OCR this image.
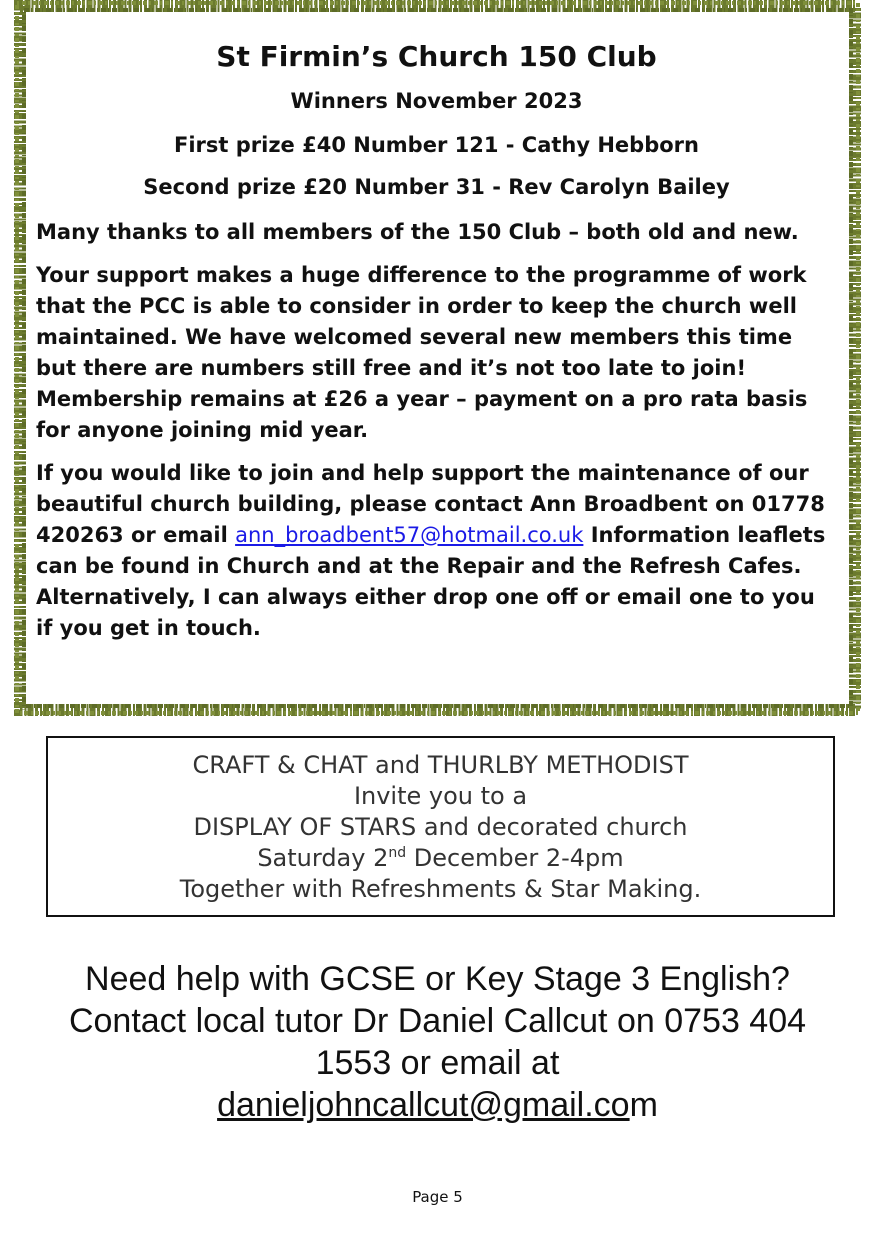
St Firmin’s Church 150 Club
Winners November 2023
First prize £40 Number 121 - Cathy Hebborn
Second prize £20 Number 31 - Rev Carolyn Bailey
Many thanks to all members of the 150 Club – both old and new.
Your support makes a huge difference to the programme of work that the PCC is able to consider in order to keep the church well maintained. We have welcomed several new members this time but there are numbers still free and it’s not too late to join! Membership remains at £26 a year – payment on a pro rata basis for anyone joining mid year.
If you would like to join and help support the maintenance of our beautiful church building, please contact Ann Broadbent on 01778 420263 or email ann_broadbent57@hotmail.co.uk Information leaflets can be found in Church and at the Repair and the Refresh Cafes. Alternatively, I can always either drop one off or email one to you if you get in touch.
CRAFT & CHAT and THURLBY METHODIST
Invite you to a
DISPLAY OF STARS and decorated church
Saturday 2nd December 2-4pm
Together with Refreshments & Star Making.
Need help with GCSE or Key Stage 3 English? Contact local tutor Dr Daniel Callcut on 0753 404 1553 or email at
danieljohncallcut@gmail.com
Page 5
